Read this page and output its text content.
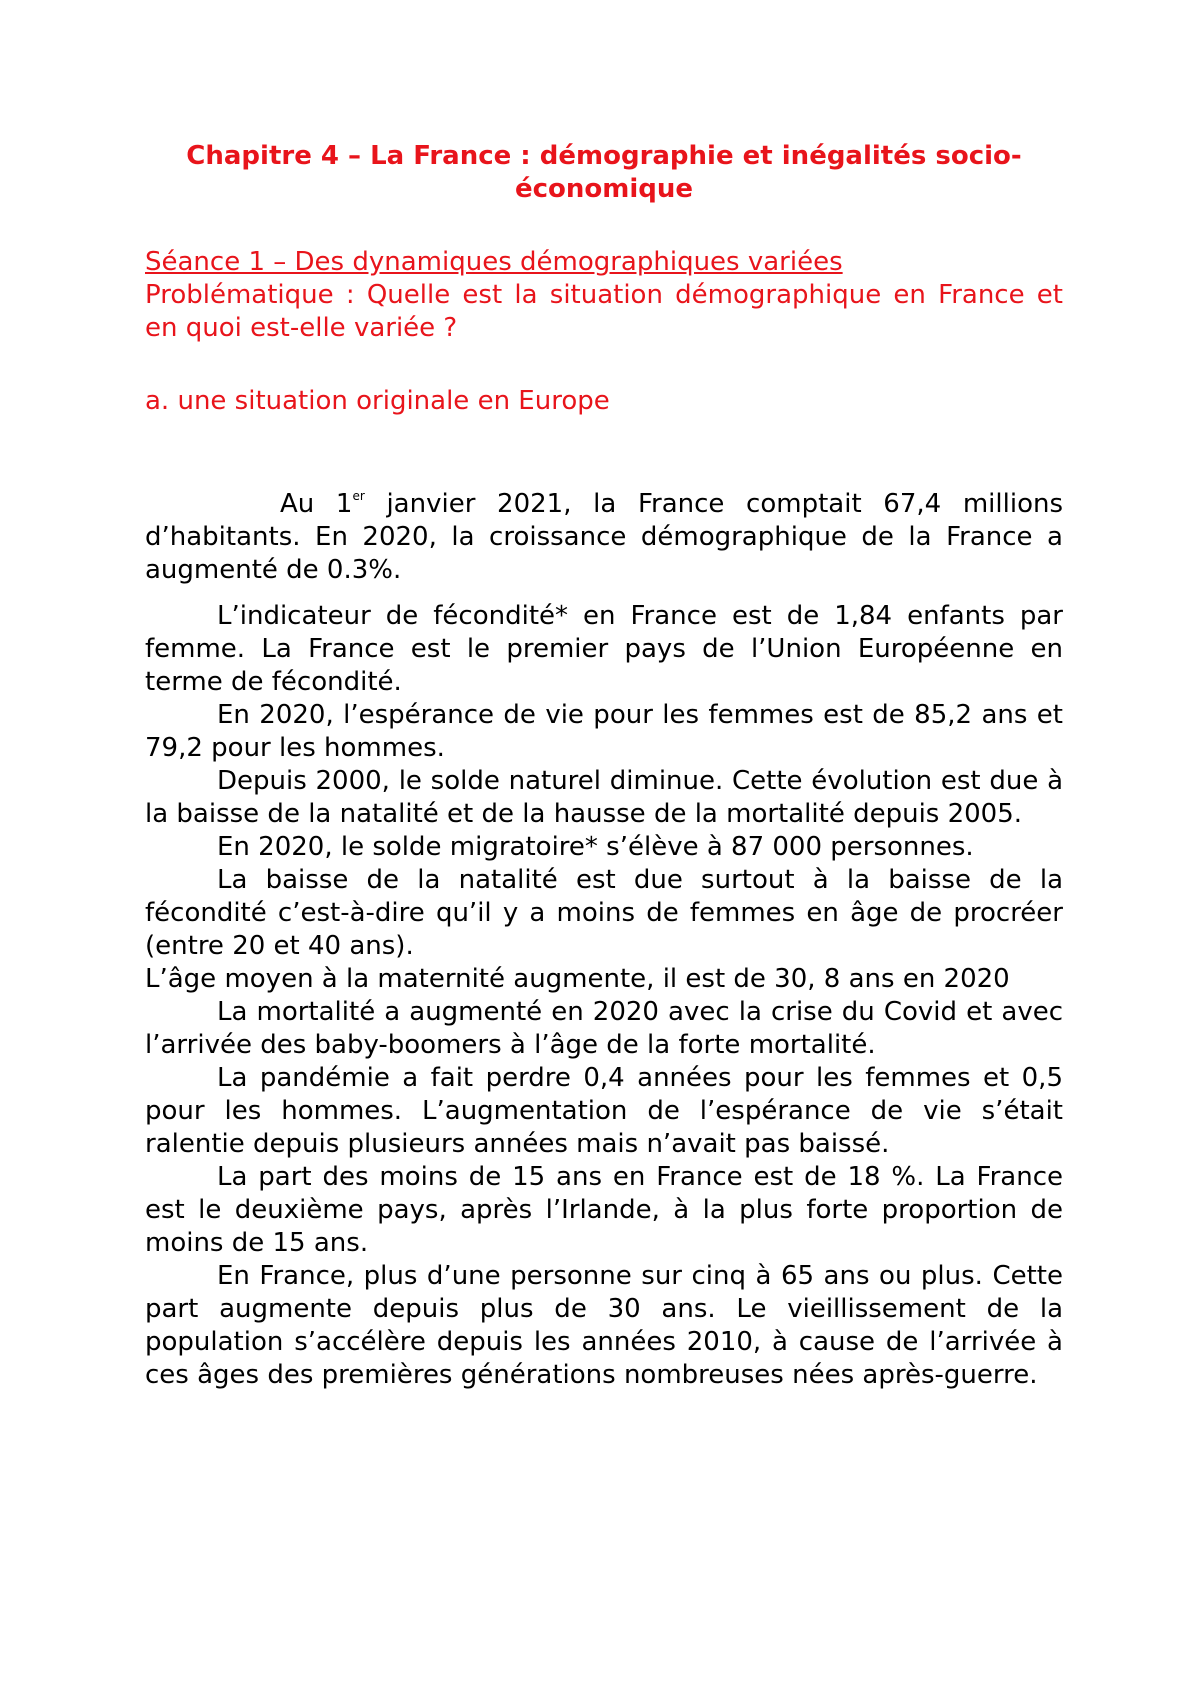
Chapitre 4 – La France : démographie et inégalités socio-économique
Séance 1 – Des dynamiques démographiques variées
Problématique : Quelle est la situation démographique en France et en quoi est-elle variée ?
a. une situation originale en Europe

Au 1er janvier 2021, la France comptait 67,4 millions d’habitants. En 2020, la croissance démographique de la France a augmenté de 0.3%.

L’indicateur de fécondité* en France est de 1,84 enfants par femme. La France est le premier pays de l’Union Européenne en terme de fécondité.
En 2020, l’espérance de vie pour les femmes est de 85,2 ans et 79,2 pour les hommes.
Depuis 2000, le solde naturel diminue. Cette évolution est due à la baisse de la natalité et de la hausse de la mortalité depuis 2005.
En 2020, le solde migratoire* s’élève à 87 000 personnes.
La baisse de la natalité est due surtout à la baisse de la fécondité c’est-à-dire qu’il y a moins de femmes en âge de procréer (entre 20 et 40 ans).
L’âge moyen à la maternité augmente, il est de 30, 8 ans en 2020
La mortalité a augmenté en 2020 avec la crise du Covid et avec l’arrivée des baby-boomers à l’âge de la forte mortalité.
La pandémie a fait perdre 0,4 années pour les femmes et 0,5 pour les hommes. L’augmentation de l’espérance de vie s’était ralentie depuis plusieurs années mais n’avait pas baissé.
La part des moins de 15 ans en France est de 18 %. La France est le deuxième pays, après l’Irlande, à la plus forte proportion de moins de 15 ans.
En France, plus d’une personne sur cinq à 65 ans ou plus. Cette part augmente depuis plus de 30 ans. Le vieillissement de la population s’accélère depuis les années 2010, à cause de l’arrivée à ces âges des premières générations nombreuses nées après-guerre.
